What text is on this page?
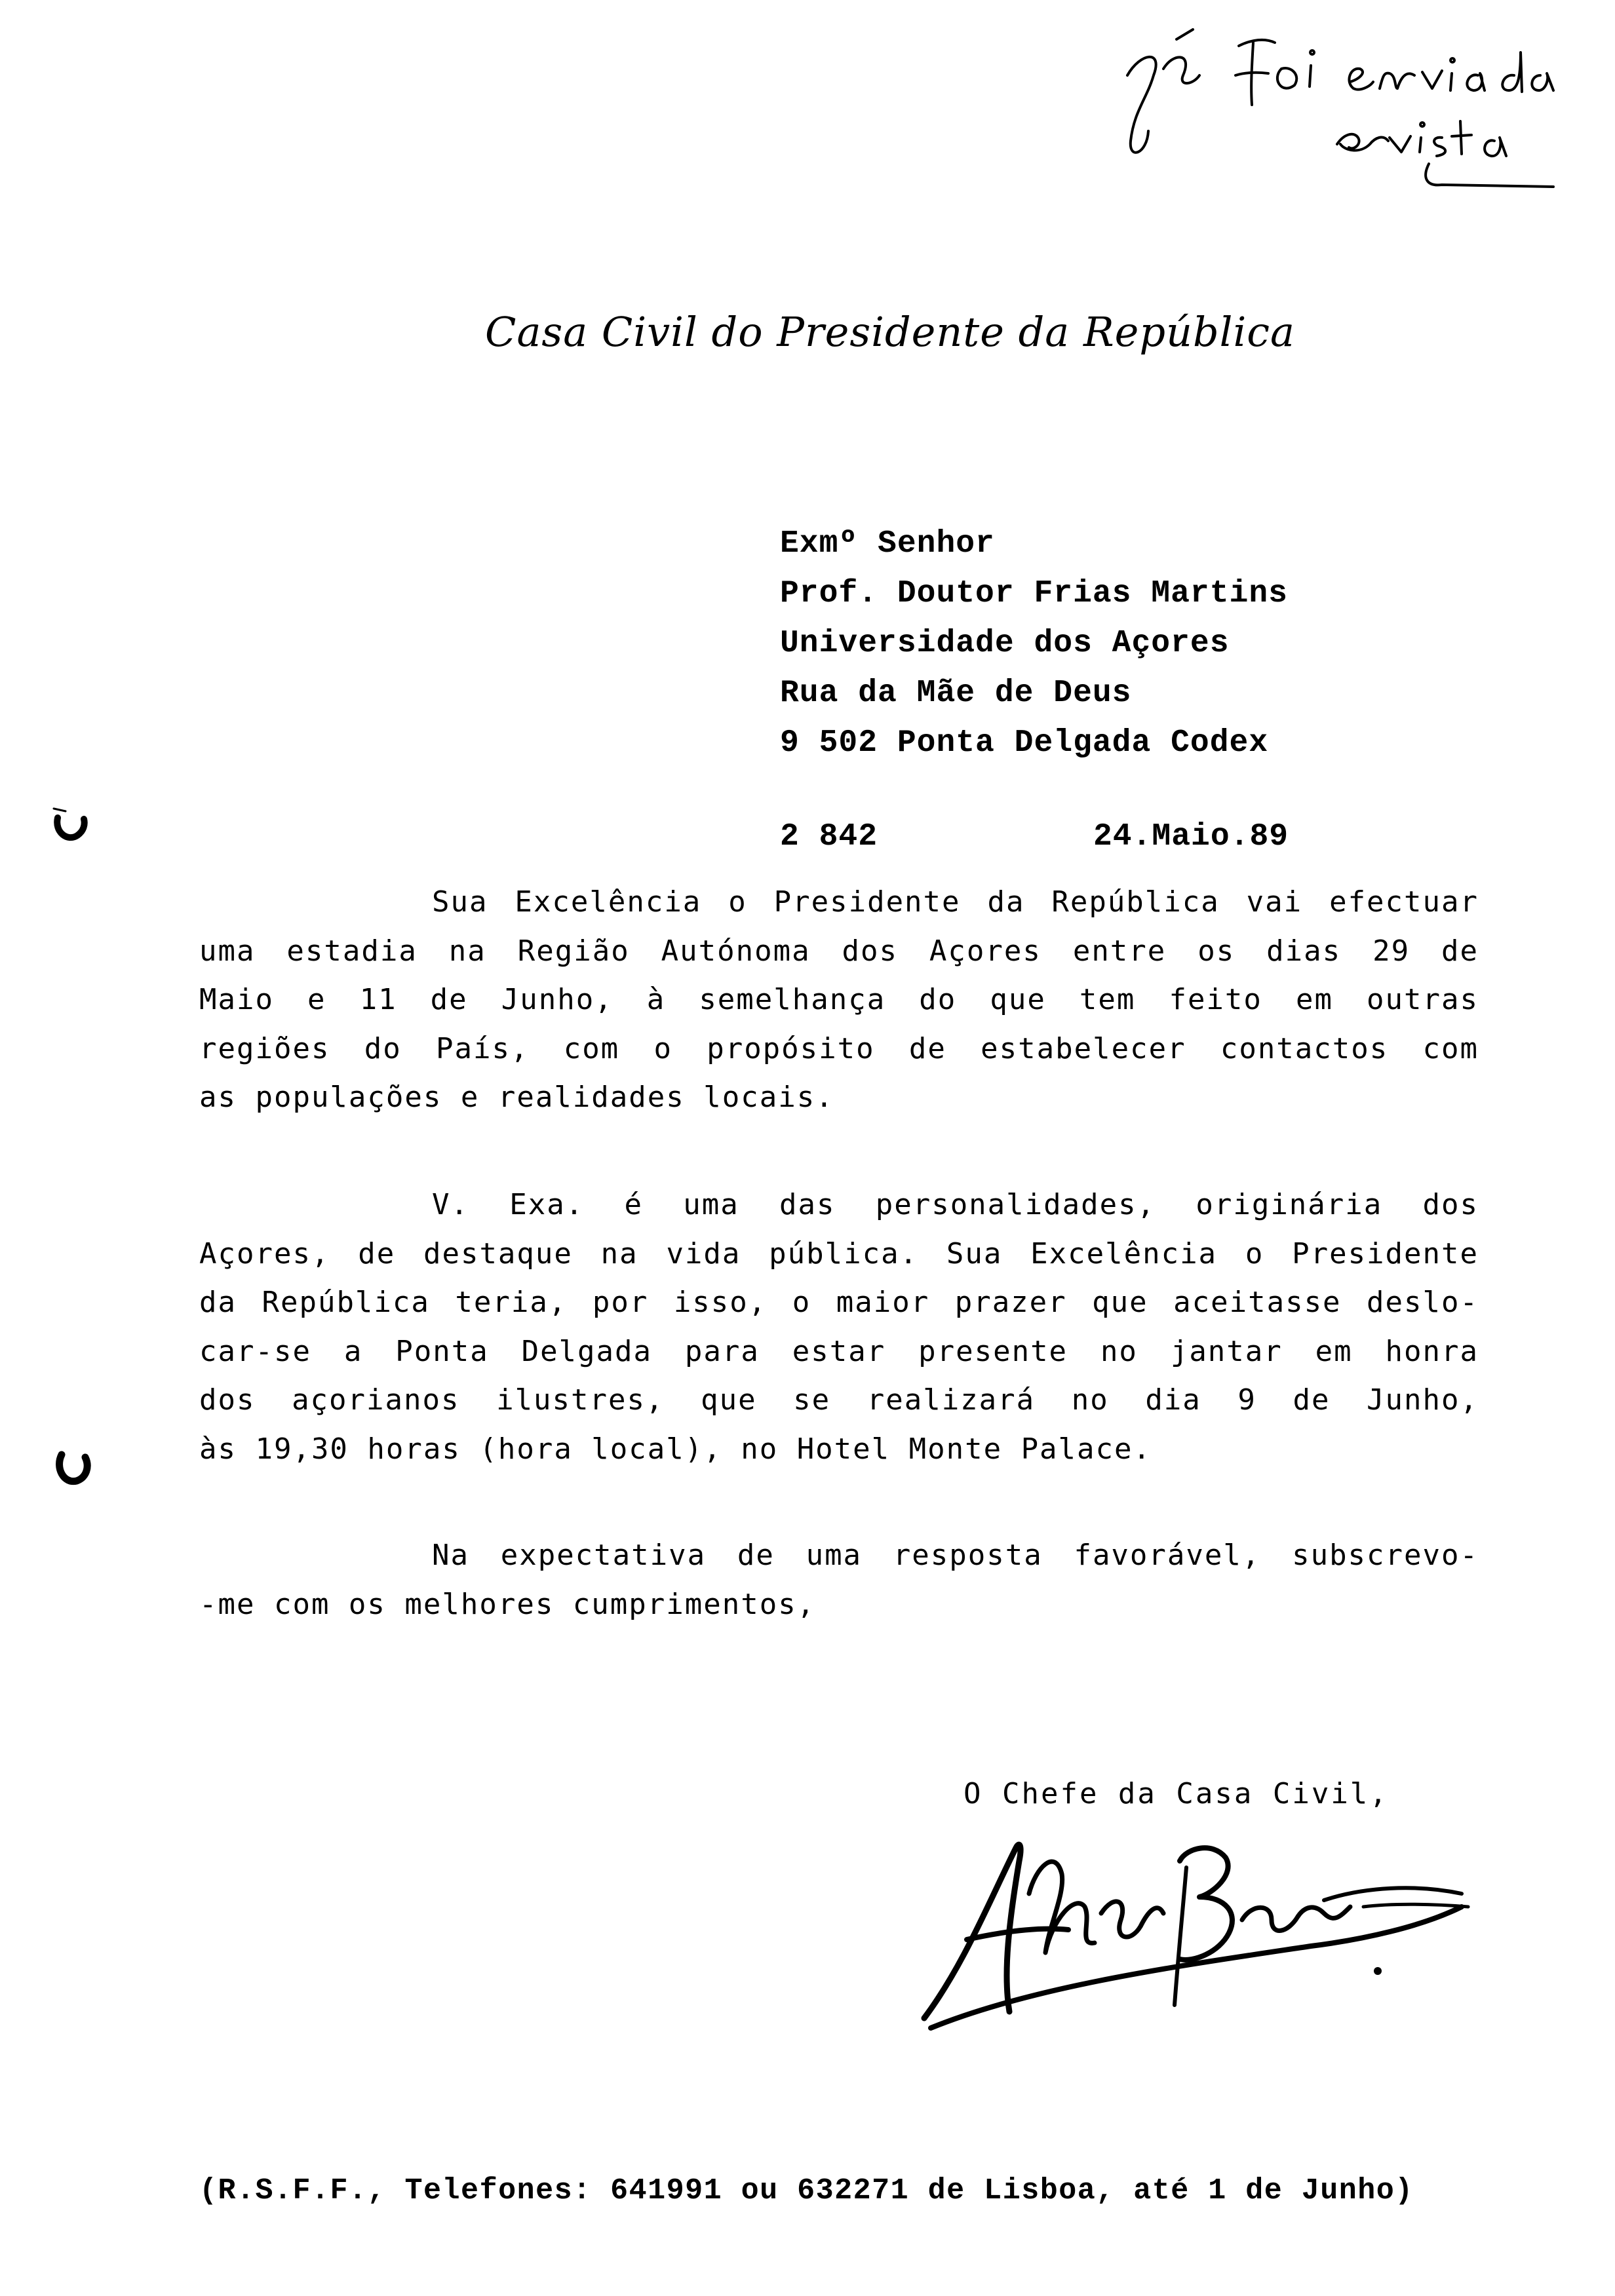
Casa Civil do Presidente da República
Exmº Senhor
Prof. Doutor Frias Martins
Universidade dos Açores
Rua da Mãe de Deus
9 502 Ponta Delgada Codex
2 842	24.Maio.89
Sua Excelência o Presidente da República vai efectuar
uma estadia na Região Autónoma dos Açores entre os dias 29 de
Maio e 11 de Junho, à semelhança do que tem feito em outras
regiões do País, com o propósito de estabelecer contactos com
as populações e realidades locais.
V. Exa. é uma das personalidades, originária dos
Açores, de destaque na vida pública. Sua Excelência o Presidente
da República teria, por isso, o maior prazer que aceitasse deslo-
car-se a Ponta Delgada para estar presente no jantar em honra
dos açorianos ilustres, que se realizará no dia 9 de Junho,
às 19,30 horas (hora local), no Hotel Monte Palace.
Na expectativa de uma resposta favorável, subscrevo-
-me com os melhores cumprimentos,
O Chefe da Casa Civil,
(R.S.F.F., Telefones: 641991 ou 632271 de Lisboa, até 1 de Junho)
